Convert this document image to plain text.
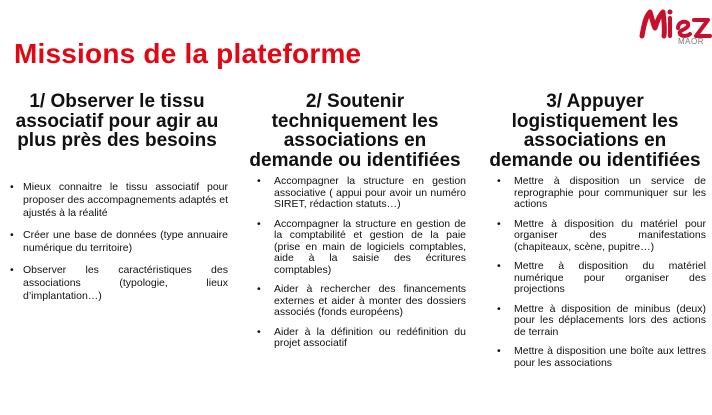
MAOR
Missions de la plateforme
1/ Observer le tissu associatif pour agir au plus près des besoins
• Mieux connaitre le tissu associatif pour proposer des accompagnements adaptés et ajustés à la réalité
• Créer une base de données (type annuaire numérique du territoire)
• Observer les caractéristiques des associations (typologie, lieux d’implantation…)
2/ Soutenir techniquement les associations en demande ou identifiées
• Accompagner la structure en gestion associative ( appui pour avoir un numéro SIRET, rédaction statuts…)
• Accompagner la structure en gestion de la comptabilité et gestion de la paie (prise en main de logiciels comptables, aide à la saisie des écritures comptables)
• Aider à rechercher des financements externes et aider à monter des dossiers associés (fonds européens)
• Aider à la définition ou redéfinition du projet associatif
3/ Appuyer logistiquement les associations en demande ou identifiées
• Mettre à disposition un service de reprographie pour communiquer sur les actions
• Mettre à disposition du matériel pour organiser des manifestations (chapiteaux, scène, pupitre…)
• Mettre à disposition du matériel numérique pour organiser des projections
• Mettre à disposition de minibus (deux) pour les déplacements lors des actions de terrain
• Mettre à disposition une boîte aux lettres pour les associations
